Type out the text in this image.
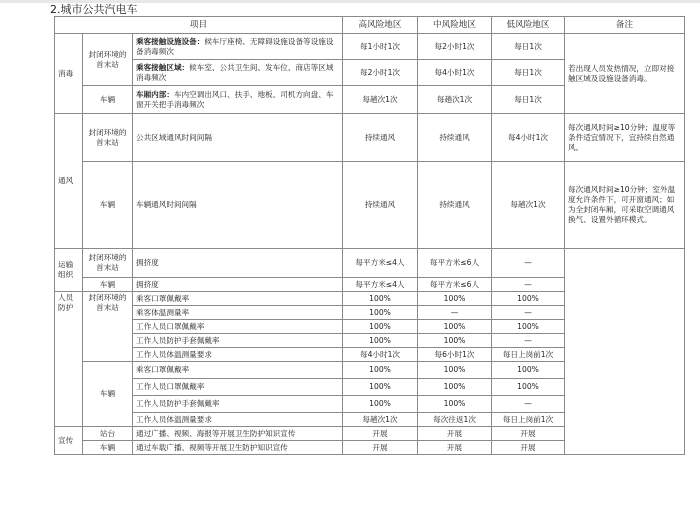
2.城市公共汽电车
项目			高风险地区	中风险地区	低风险地区	备注
消毒	封闭环境的首末站	乘客接触设施设备：候车厅座椅、无障碍设施设备等设施设备消毒频次	每1小时1次	每2小时1次	每日1次	若出现人员发热情况，立即对接触区域及设施设备消毒。
		乘客接触区域：候车室、公共卫生间、发车位、商店等区域消毒频次	每2小时1次	每4小时1次	每日1次	
	车辆	车厢内部：车内空调出风口、扶手、地板、司机方向盘、车窗开关把手消毒频次	每趟次1次	每趟次1次	每日1次	
通风	封闭环境的首末站	公共区域通风时间间隔	持续通风	持续通风	每4小时1次	每次通风时间≥10分钟；温度等条件适宜情况下，宜持续自然通风。
	车辆	车辆通风时间间隔	持续通风	持续通风	每趟次1次	每次通风时间≥10分钟；室外温度允许条件下，可开窗通风；如为全封闭车厢，可采取空调通风换气、设置外循环模式。
运输组织	封闭环境的首末站	拥挤度	每平方米≤4人	每平方米≤6人	—	
	车辆	拥挤度	每平方米≤4人	每平方米≤6人	—	
人员防护	封闭环境的首末站	乘客口罩佩戴率	100%	100%	100%	
		乘客体温测量率	100%	—	—	
		工作人员口罩佩戴率	100%	100%	100%	
		工作人员防护手套佩戴率	100%	100%	—	
		工作人员体温测量要求	每4小时1次	每6小时1次	每日上岗前1次	
	车辆	乘客口罩佩戴率	100%	100%	100%	
		工作人员口罩佩戴率	100%	100%	100%	
		工作人员防护手套佩戴率	100%	100%	—	
		工作人员体温测量要求	每趟次1次	每次往返1次	每日上岗前1次	
宣传	站台	通过广播、视频、海报等开展卫生防护知识宣传	开展	开展	开展	
	车辆	通过车载广播、视频等开展卫生防护知识宣传	开展	开展	开展	
